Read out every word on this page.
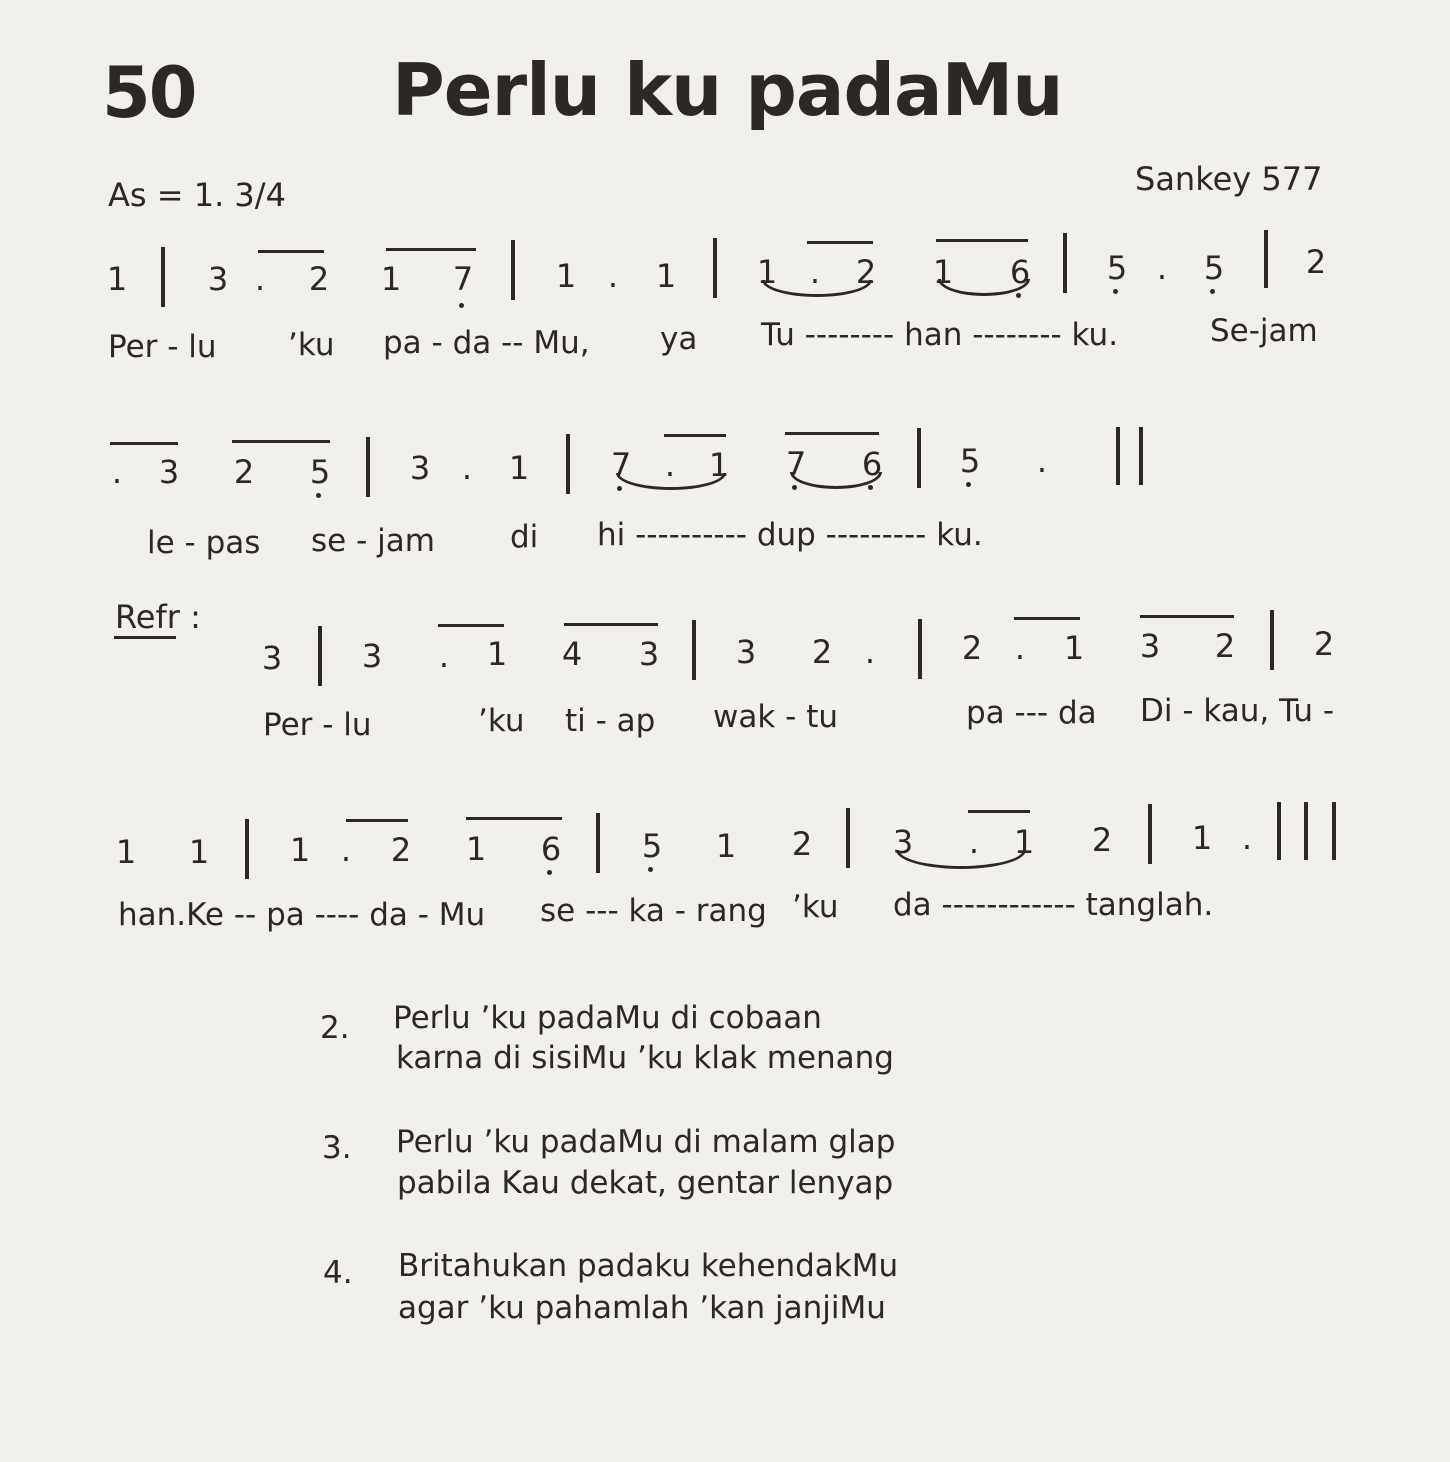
50	Perlu ku padaMu
As = 1. 3/4	Sankey 577
1	3 . 2 1 7	1 . 1	1 . 2 1 6 5 . 5	2
Per - lu ’ku pa - da -- Mu, ya Tu -------- han -------- ku.	Se-jam
. 3 2 5 3 . 1	7 . 1 7 6 5 .
le - pas se - jam di hi ---------- dup --------- ku.
Refr :
3 3 . 1 4 3 3 2 .	2 . 1 3 2 2
Per - lu	’ku ti - ap wak - tu	pa --- da Di - kau, Tu -
1 1	1 . 2 1 6	5 1 2	3 . 1 2 1 .
han.Ke -- pa ---- da - Mu se --- ka - rang ’ku da ------------ tanglah.
2. Perlu ’ku padaMu di cobaan
karna di sisiMu ’ku klak menang
3. Perlu ’ku padaMu di malam glap
pabila Kau dekat, gentar lenyap
4. Britahukan padaku kehendakMu
agar ’ku pahamlah ’kan janjiMu
